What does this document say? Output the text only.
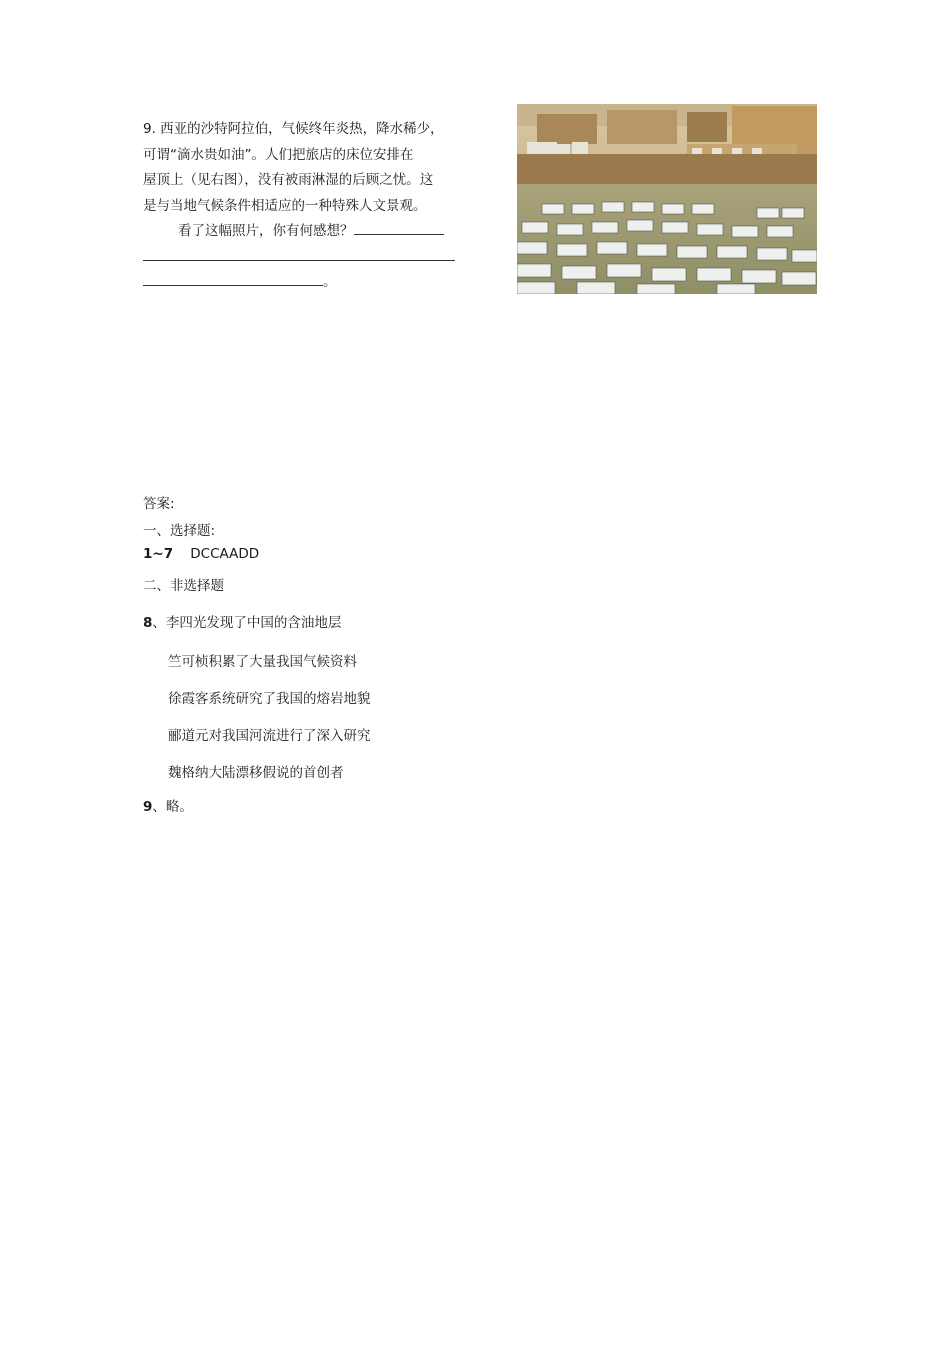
9. 西亚的沙特阿拉伯，气候终年炎热，降水稀少，

可谓“滴水贵如油”。人们把旅店的床位安排在

屋顶上（见右图），没有被雨淋湿的后顾之忧。这

是与当地气候条件相适应的一种特殊人文景观。

看了这幅照片，你有何感想？

。

答案:
一、选择题:
1~7 DCCAADD
二、非选择题
8、李四光发现了中国的含油地层
竺可桢积累了大量我国气候资料
徐霞客系统研究了我国的熔岩地貌
郦道元对我国河流进行了深入研究
魏格纳大陆漂移假说的首创者
9、略。
